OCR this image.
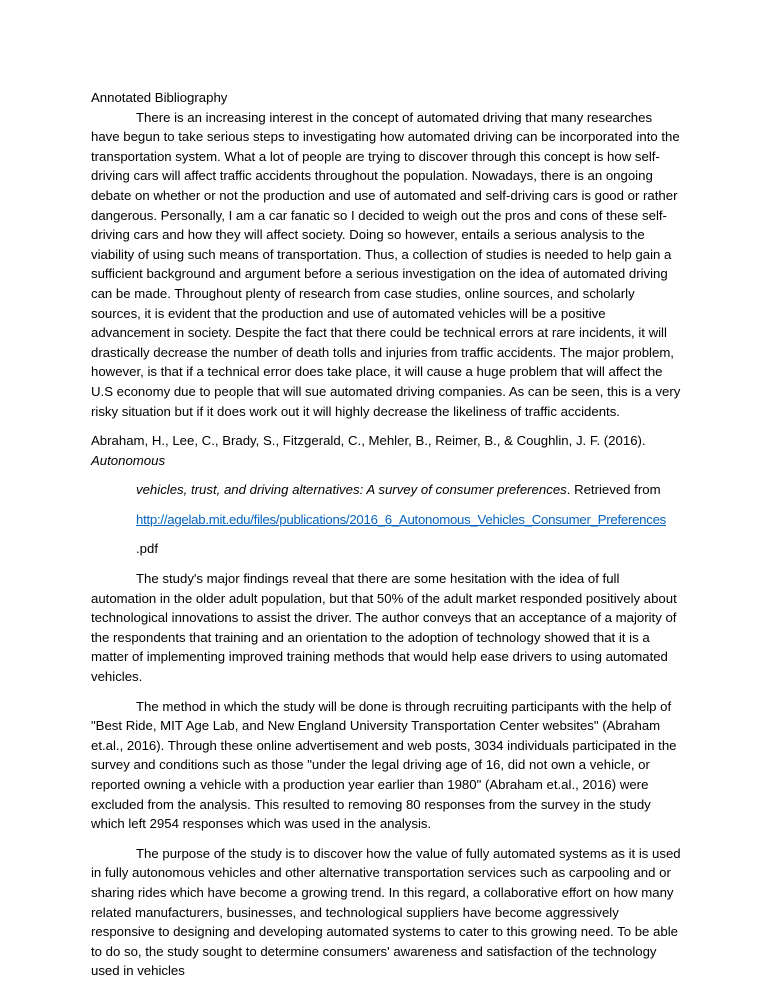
Annotated Bibliography

There is an increasing interest in the concept of automated driving that many researches have begun to take serious steps to investigating how automated driving can be incorporated into the transportation system. What a lot of people are trying to discover through this concept is how self-driving cars will affect traffic accidents throughout the population. Nowadays, there is an ongoing debate on whether or not the production and use of automated and self-driving cars is good or rather dangerous. Personally, I am a car fanatic so I decided to weigh out the pros and cons of these self-driving cars and how they will affect society. Doing so however, entails a serious analysis to the viability of using such means of transportation. Thus, a collection of studies is needed to help gain a sufficient background and argument before a serious investigation on the idea of automated driving can be made. Throughout plenty of research from case studies, online sources, and scholarly sources, it is evident that the production and use of automated vehicles will be a positive advancement in society. Despite the fact that there could be technical errors at rare incidents, it will drastically decrease the number of death tolls and injuries from traffic accidents. The major problem, however, is that if a technical error does take place, it will cause a huge problem that will affect the U.S economy due to people that will sue automated driving companies. As can be seen, this is a very risky situation but if it does work out it will highly decrease the likeliness of traffic accidents.

Abraham, H., Lee, C., Brady, S., Fitzgerald, C., Mehler, B., Reimer, B., & Coughlin, J. F. (2016).
Autonomous

vehicles, trust, and driving alternatives: A survey of consumer preferences. Retrieved from

http://agelab.mit.edu/files/publications/2016_6_Autonomous_Vehicles_Consumer_Preferences

.pdf

The study's major findings reveal that there are some hesitation with the idea of full automation in the older adult population, but that 50% of the adult market responded positively about technological innovations to assist the driver. The author conveys that an acceptance of a majority of the respondents that training and an orientation to the adoption of technology showed that it is a matter of implementing improved training methods that would help ease drivers to using automated vehicles.

The method in which the study will be done is through recruiting participants with the help of "Best Ride, MIT Age Lab, and New England University Transportation Center websites" (Abraham et.al., 2016). Through these online advertisement and web posts, 3034 individuals participated in the survey and conditions such as those "under the legal driving age of 16, did not own a vehicle, or reported owning a vehicle with a production year earlier than 1980" (Abraham et.al., 2016) were excluded from the analysis. This resulted to removing 80 responses from the survey in the study which left 2954 responses which was used in the analysis.

The purpose of the study is to discover how the value of fully automated systems as it is used in fully autonomous vehicles and other alternative transportation services such as carpooling and or sharing rides which have become a growing trend. In this regard, a collaborative effort on how many related manufacturers, businesses, and technological suppliers have become aggressively responsive to designing and developing automated systems to cater to this growing need. To be able to do so, the study sought to determine consumers' awareness and satisfaction of the technology used in vehicles
